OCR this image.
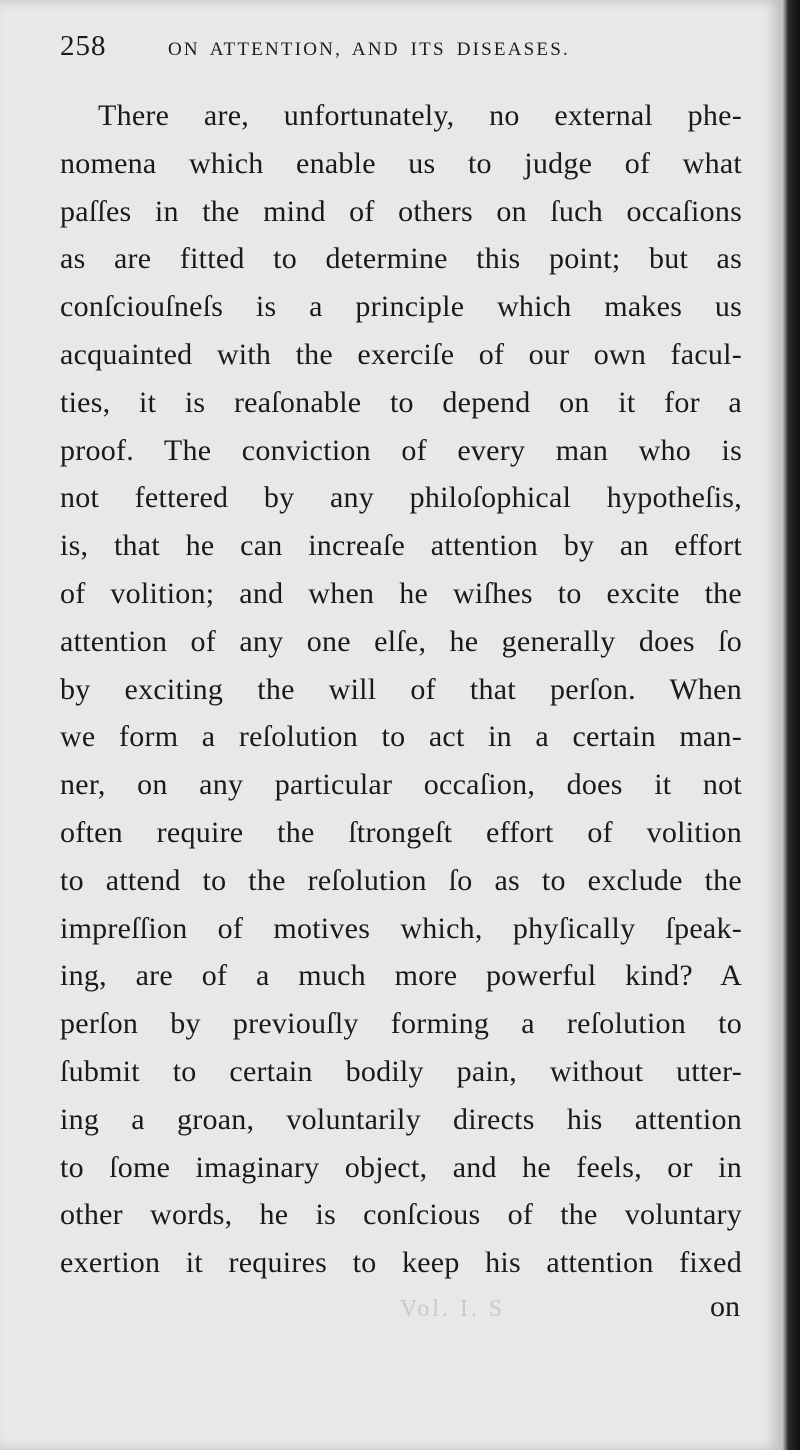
258	ON ATTENTION, AND ITS DISEASES.
There are, unfortunately, no external phe-
nomena which enable us to judge of what
paſſes in the mind of others on ſuch occaſions
as are fitted to determine this point; but as
conſciouſneſs is a principle which makes us
acquainted with the exerciſe of our own facul-
ties, it is reaſonable to depend on it for a
proof. The conviction of every man who is
not fettered by any philoſophical hypotheſis,
is, that he can increaſe attention by an effort
of volition; and when he wiſhes to excite the
attention of any one elſe, he generally does ſo
by exciting the will of that perſon. When
we form a reſolution to act in a certain man-
ner, on any particular occaſion, does it not
often require the ſtrongeſt effort of volition
to attend to the reſolution ſo as to exclude the
impreſſion of motives which, phyſically ſpeak-
ing, are of a much more powerful kind? A
perſon by previouſly forming a reſolution to
ſubmit to certain bodily pain, without utter-
ing a groan, voluntarily directs his attention
to ſome imaginary object, and he feels, or in
other words, he is conſcious of the voluntary
exertion it requires to keep his attention fixed
Vol. I. S	on
